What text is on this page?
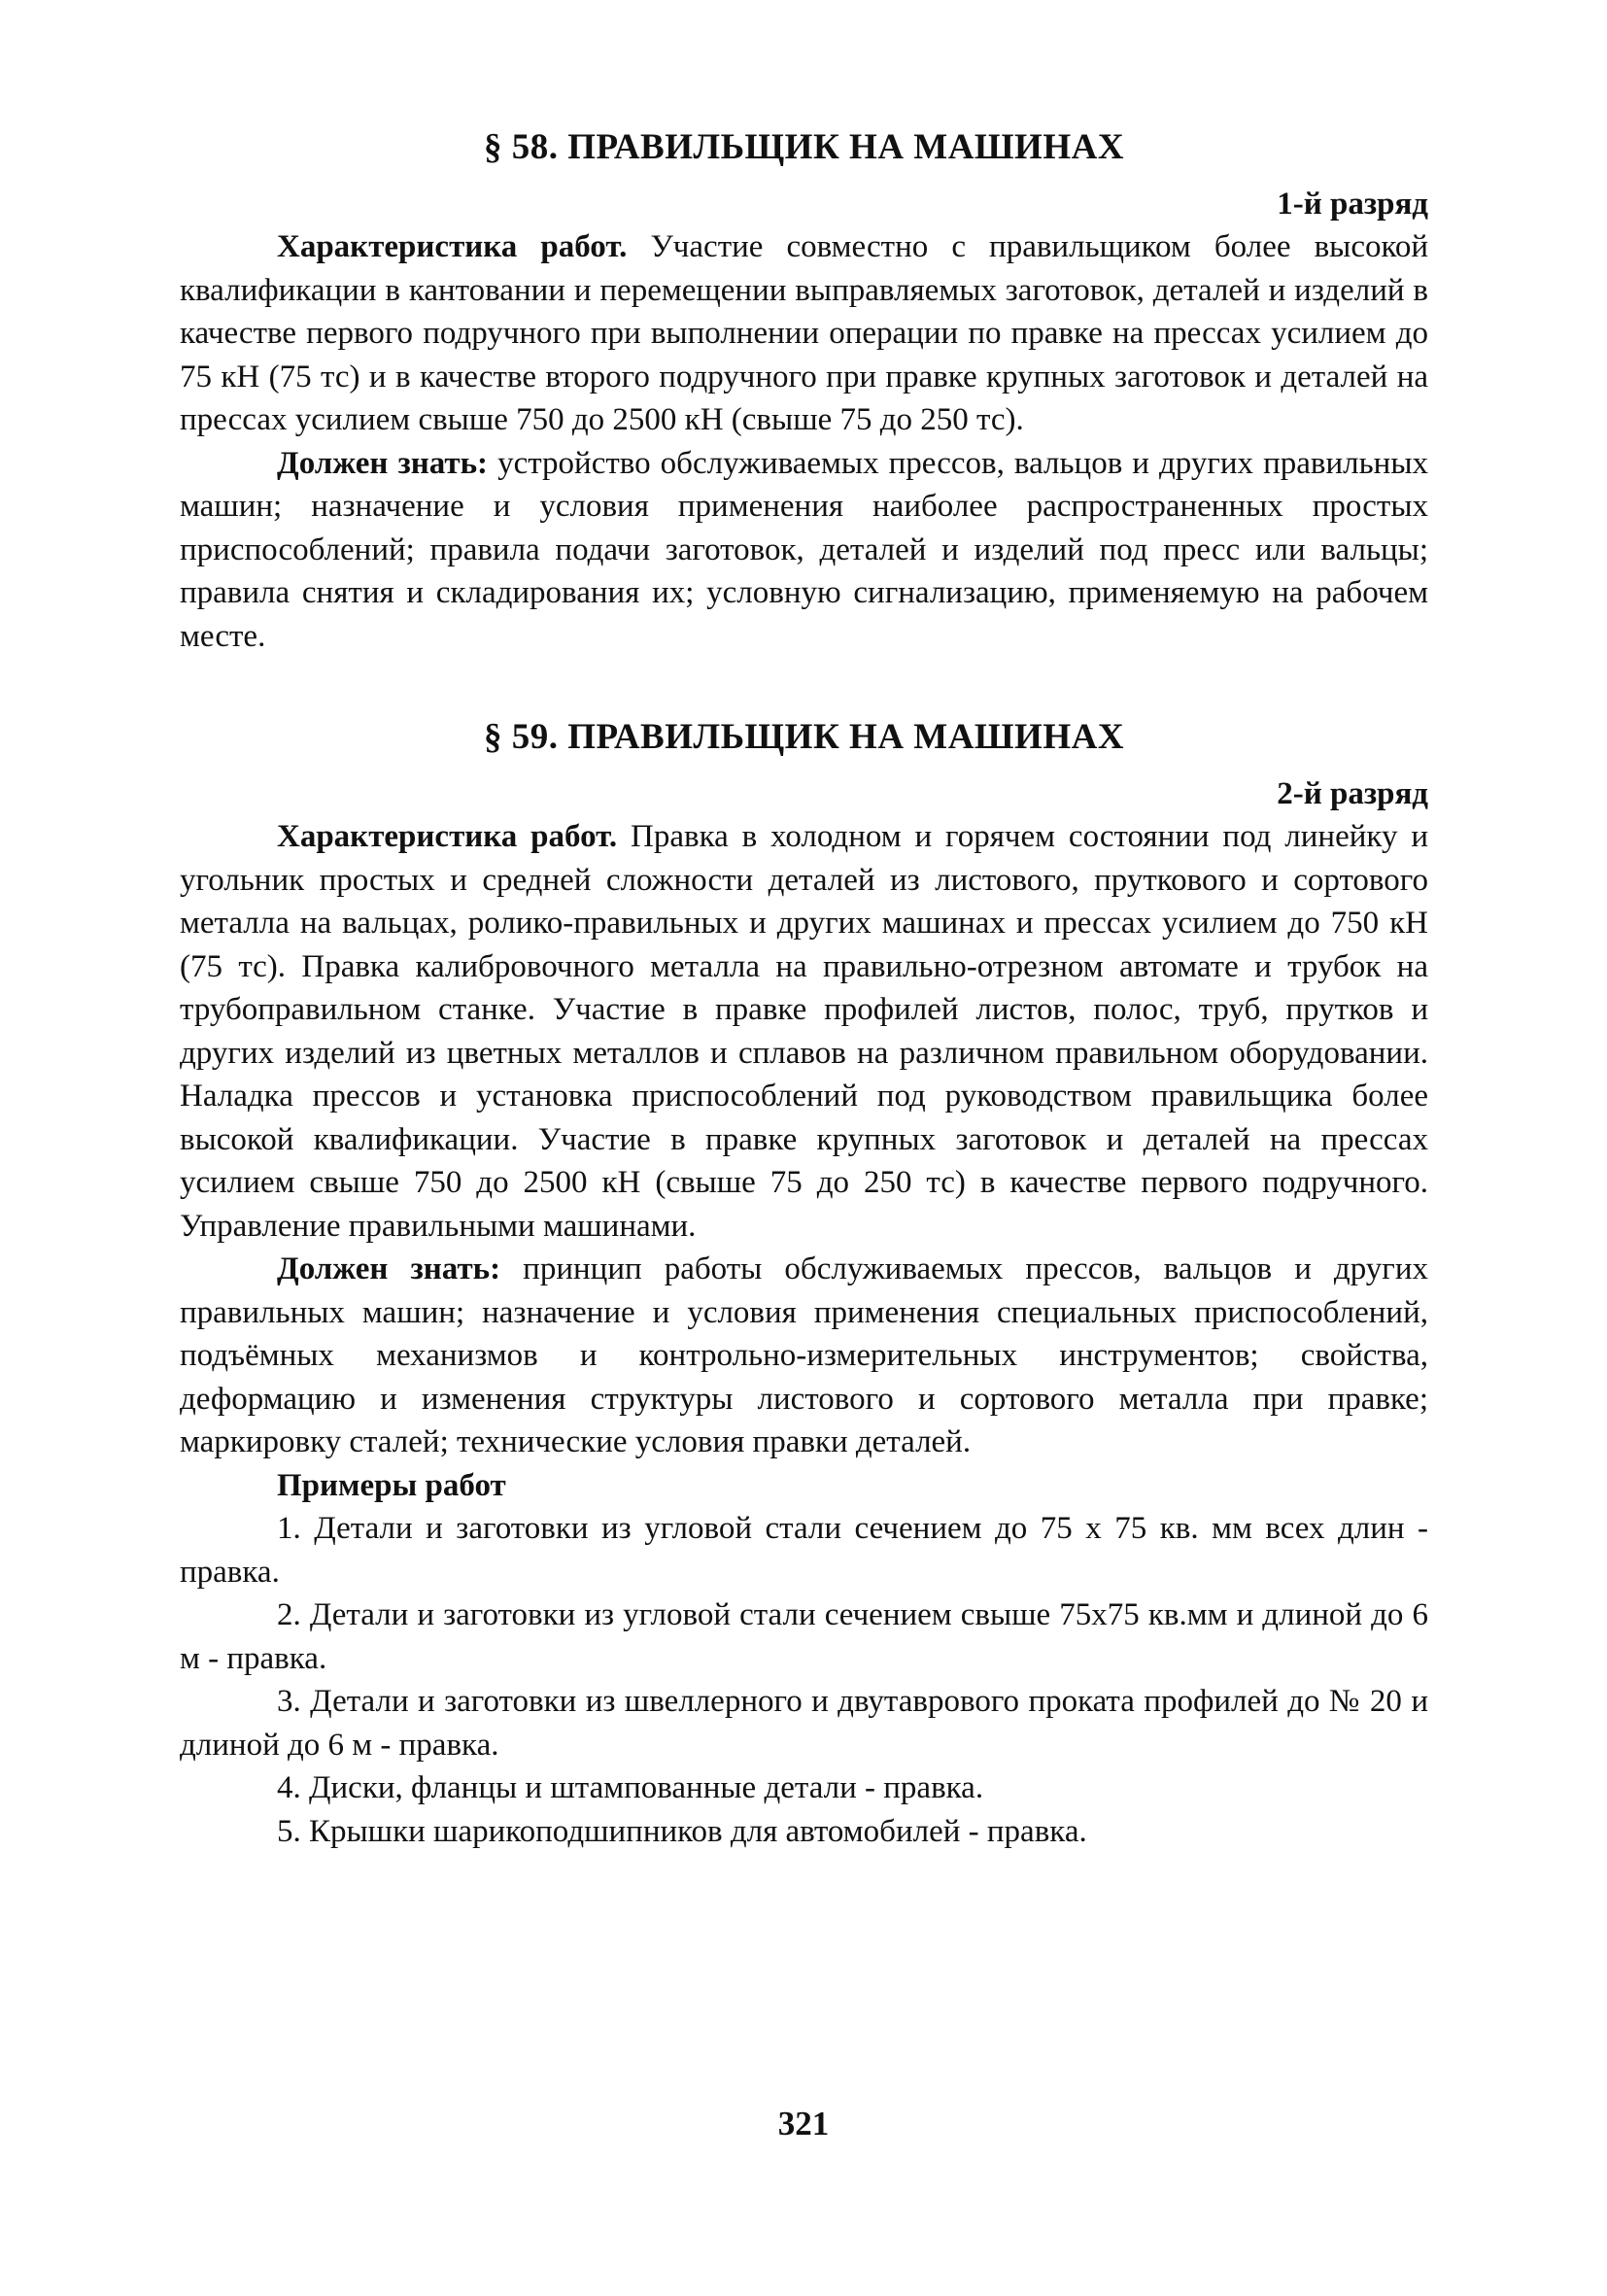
§ 58. ПРАВИЛЬЩИК НА МАШИНАХ
1-й разряд

Характеристика работ. Участие совместно с правильщиком более высокой квалификации в кантовании и перемещении выправляемых заготовок, деталей и изделий в качестве первого подручного при выполнении операции по правке на прессах усилием до 75 кН (75 тс) и в качестве второго подручного при правке крупных заготовок и деталей на прессах усилием свыше 750 до 2500 кН (свыше 75 до 250 тс).

Должен знать: устройство обслуживаемых прессов, вальцов и других правильных машин; назначение и условия применения наиболее распространенных простых приспособлений; правила подачи заготовок, деталей и изделий под пресс или вальцы; правила снятия и складирования их; условную сигнализацию, применяемую на рабочем месте.

§ 59. ПРАВИЛЬЩИК НА МАШИНАХ
2-й разряд

Характеристика работ. Правка в холодном и горячем состоянии под линейку и угольник простых и средней сложности деталей из листового, пруткового и сортового металла на вальцах, ролико-правильных и других машинах и прессах усилием до 750 кН (75 тс). Правка калибровочного металла на правильно-отрезном автомате и трубок на трубоправильном станке. Участие в правке профилей листов, полос, труб, прутков и других изделий из цветных металлов и сплавов на различном правильном оборудовании. Наладка прессов и установка приспособлений под руководством правильщика более высокой квалификации. Участие в правке крупных заготовок и деталей на прессах усилием свыше 750 до 2500 кН (свыше 75 до 250 тс) в качестве первого подручного. Управление правильными машинами.

Должен знать: принцип работы обслуживаемых прессов, вальцов и других правильных машин; назначение и условия применения специальных приспособлений, подъёмных механизмов и контрольно-измерительных инструментов; свойства, деформацию и изменения структуры листового и сортового металла при правке; маркировку сталей; технические условия правки деталей.

Примеры работ

1. Детали и заготовки из угловой стали сечением до 75 x 75 кв. мм всех длин - правка.

2. Детали и заготовки из угловой стали сечением свыше 75x75 кв.мм и длиной до 6 м - правка.

3. Детали и заготовки из швеллерного и двутаврового проката профилей до № 20 и длиной до 6 м - правка.

4. Диски, фланцы и штампованные детали - правка.

5. Крышки шарикоподшипников для автомобилей - правка.

321
